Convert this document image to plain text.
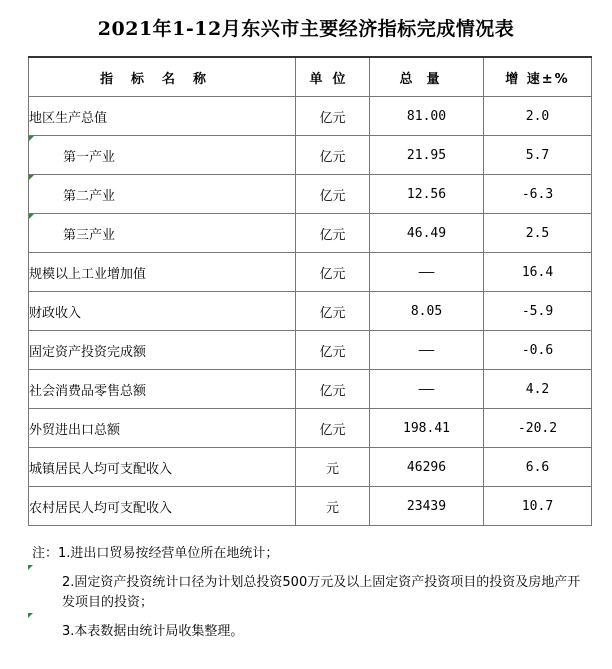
2021年1-12月东兴市主要经济指标完成情况表
指标名称	单位	总量	增 速±%
地区生产总值	亿元	81.00	2.0

第一产业	亿元	21.95	5.7

第二产业	亿元	12.56	-6.3

第三产业	亿元	46.49	2.5
规模以上工业增加值	亿元	——	16.4
财政收入	亿元	8.05	-5.9
固定资产投资完成额	亿元	——	-0.6
社会消费品零售总额	亿元	——	4.2
外贸进出口总额	亿元	198.41	-20.2
城镇居民人均可支配收入	元	46296	6.6
农村居民人均可支配收入	元	23439	10.7
注：1.进出口贸易按经营单位所在地统计；
2.固定资产投资统计口径为计划总投资500万元及以上固定资产投资项目的投资及房地产开发项目的投资；
3.本表数据由统计局收集整理。
